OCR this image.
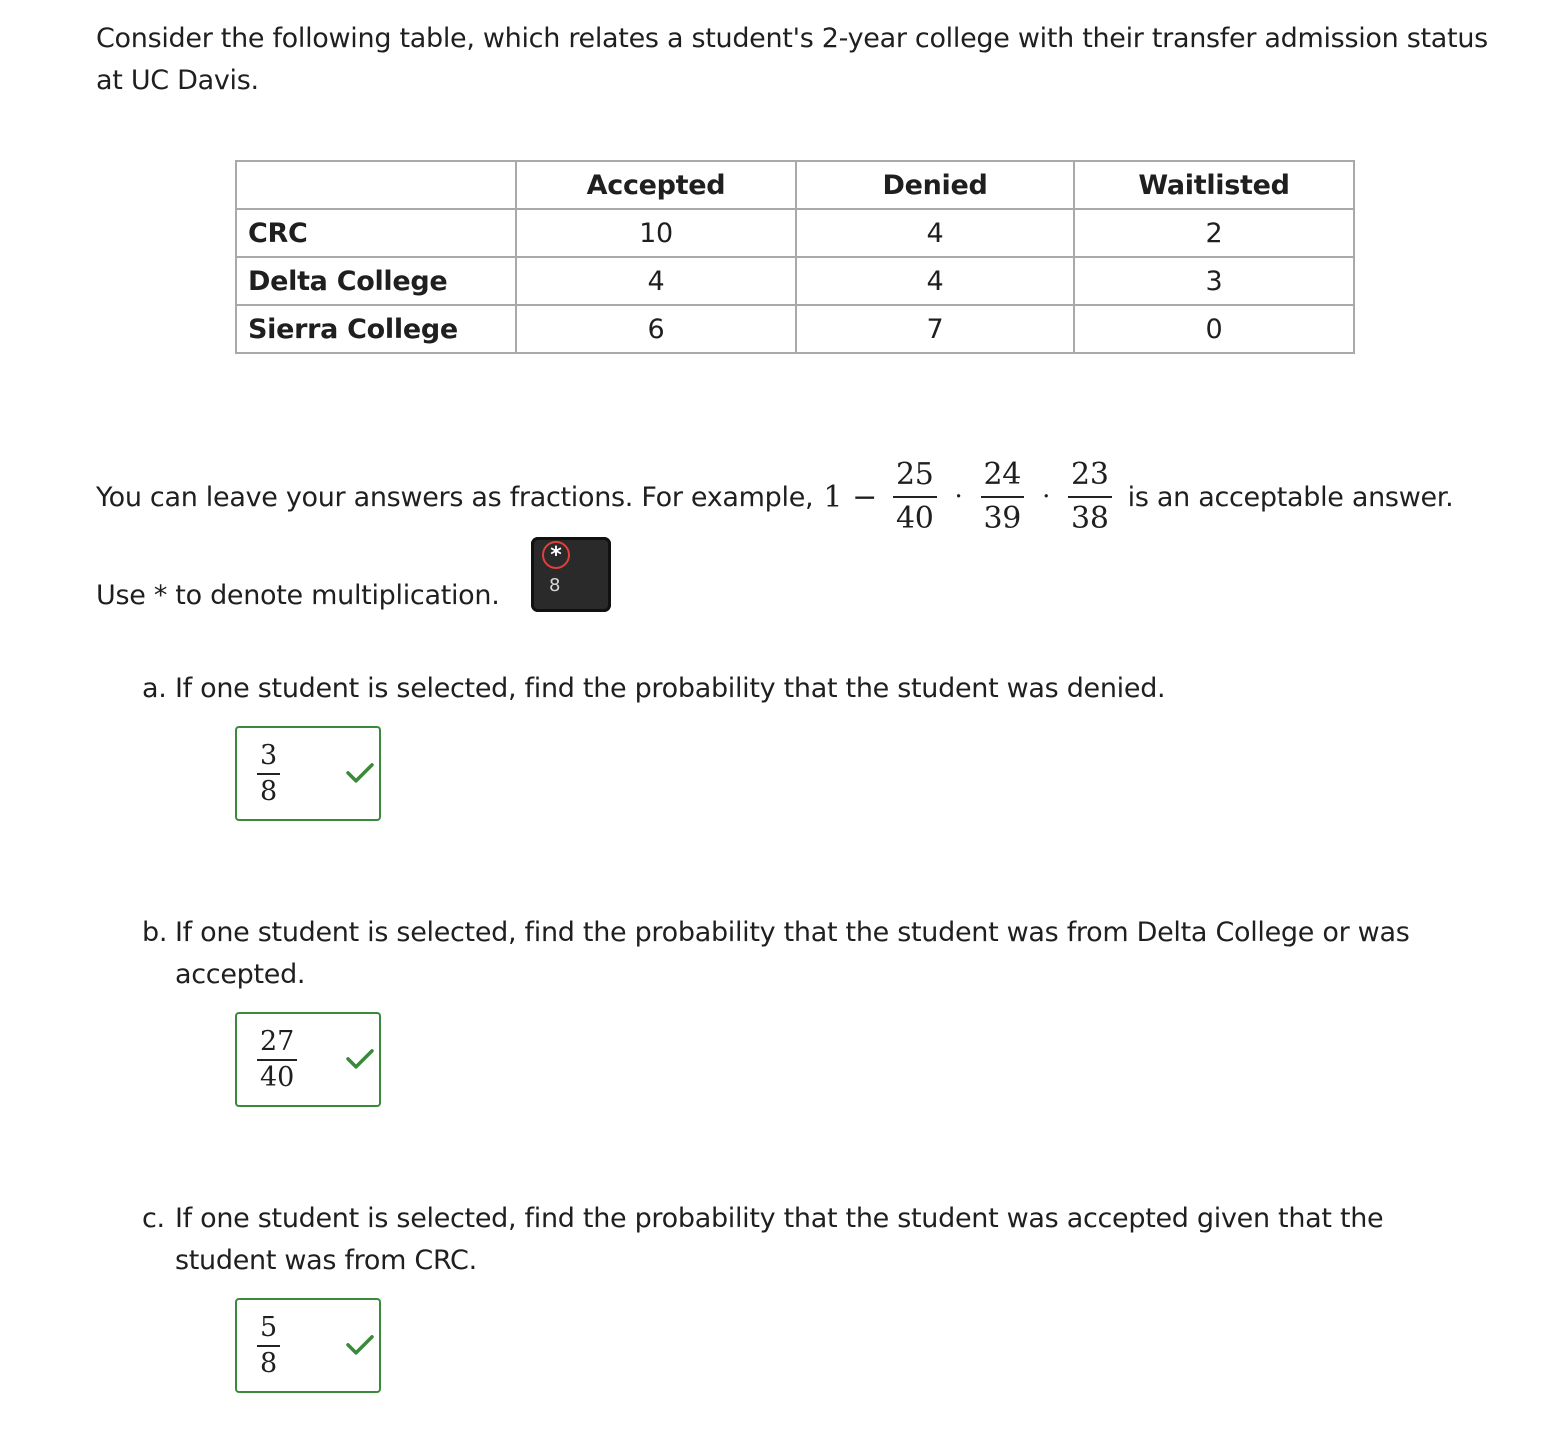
Consider the following table, which relates a student's 2-year college with their transfer admission status at UC Davis.

	Accepted	Denied	Waitlisted
CRC	10	4	2
Delta College	4	4	3
Sierra College	6	7	0
You can leave your answers as fractions. For example, $1 - \frac{25}{40} \cdot \frac{24}{39} \cdot \frac{23}{38}$ is an acceptable answer.
Use * to denote multiplication.
*
8

a. If one student is selected, find the probability that the student was denied.

$\frac{3}{8}$

b. If one student is selected, find the probability that the student was from Delta College or was
accepted.

$\frac{27}{40}$

c. If one student is selected, find the probability that the student was accepted given that the
student was from CRC.

$\frac{5}{8}$
